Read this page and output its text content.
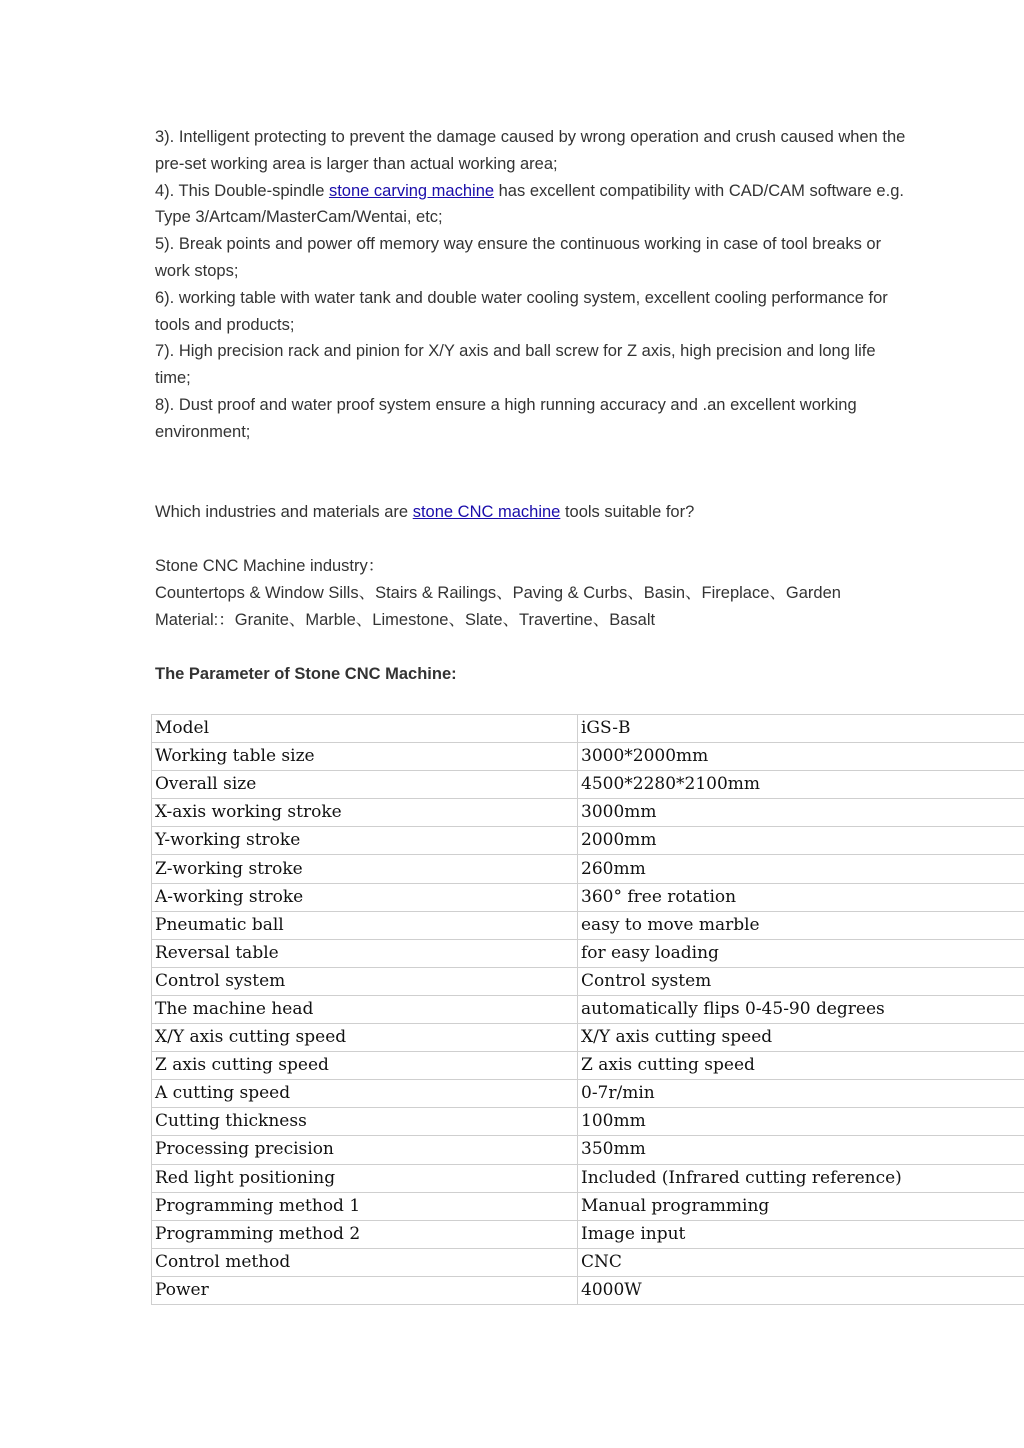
3). Intelligent protecting to prevent the damage caused by wrong operation and crush caused when the pre-set working area is larger than actual working area;

4). This Double-spindle stone carving machine has excellent compatibility with CAD/CAM software e.g. Type 3/Artcam/MasterCam/Wentai, etc;

5). Break points and power off memory way ensure the continuous working in case of tool breaks or work stops;

6). working table with water tank and double water cooling system, excellent cooling performance for tools and products;

7). High precision rack and pinion for X/Y axis and ball screw for Z axis, high precision and long life time;

8). Dust proof and water proof system ensure a high running accuracy and .an excellent working environment;

Which industries and materials are stone CNC machine tools suitable for?

Stone CNC Machine industry：

Countertops & Window Sills、Stairs & Railings、Paving & Curbs、Basin、Fireplace、Garden

Material:：Granite、Marble、Limestone、Slate、Travertine、Basalt

The Parameter of Stone CNC Machine:

Model	iGS-B
Working table size	3000*2000mm
Overall size	4500*2280*2100mm
X-axis working stroke	3000mm
Y-working stroke	2000mm
Z-working stroke	260mm
A-working stroke	360° free rotation
Pneumatic ball	easy to move marble
Reversal table	for easy loading
Control system	Control system
The machine head	automatically flips 0-45-90 degrees
X/Y axis cutting speed	X/Y axis cutting speed
Z axis cutting speed	Z axis cutting speed
A cutting speed	0-7r/min
Cutting thickness	100mm
Processing precision	350mm
Red light positioning	Included (Infrared cutting reference)
Programming method 1	Manual programming
Programming method 2	Image input
Control method	CNC
Power	4000W
